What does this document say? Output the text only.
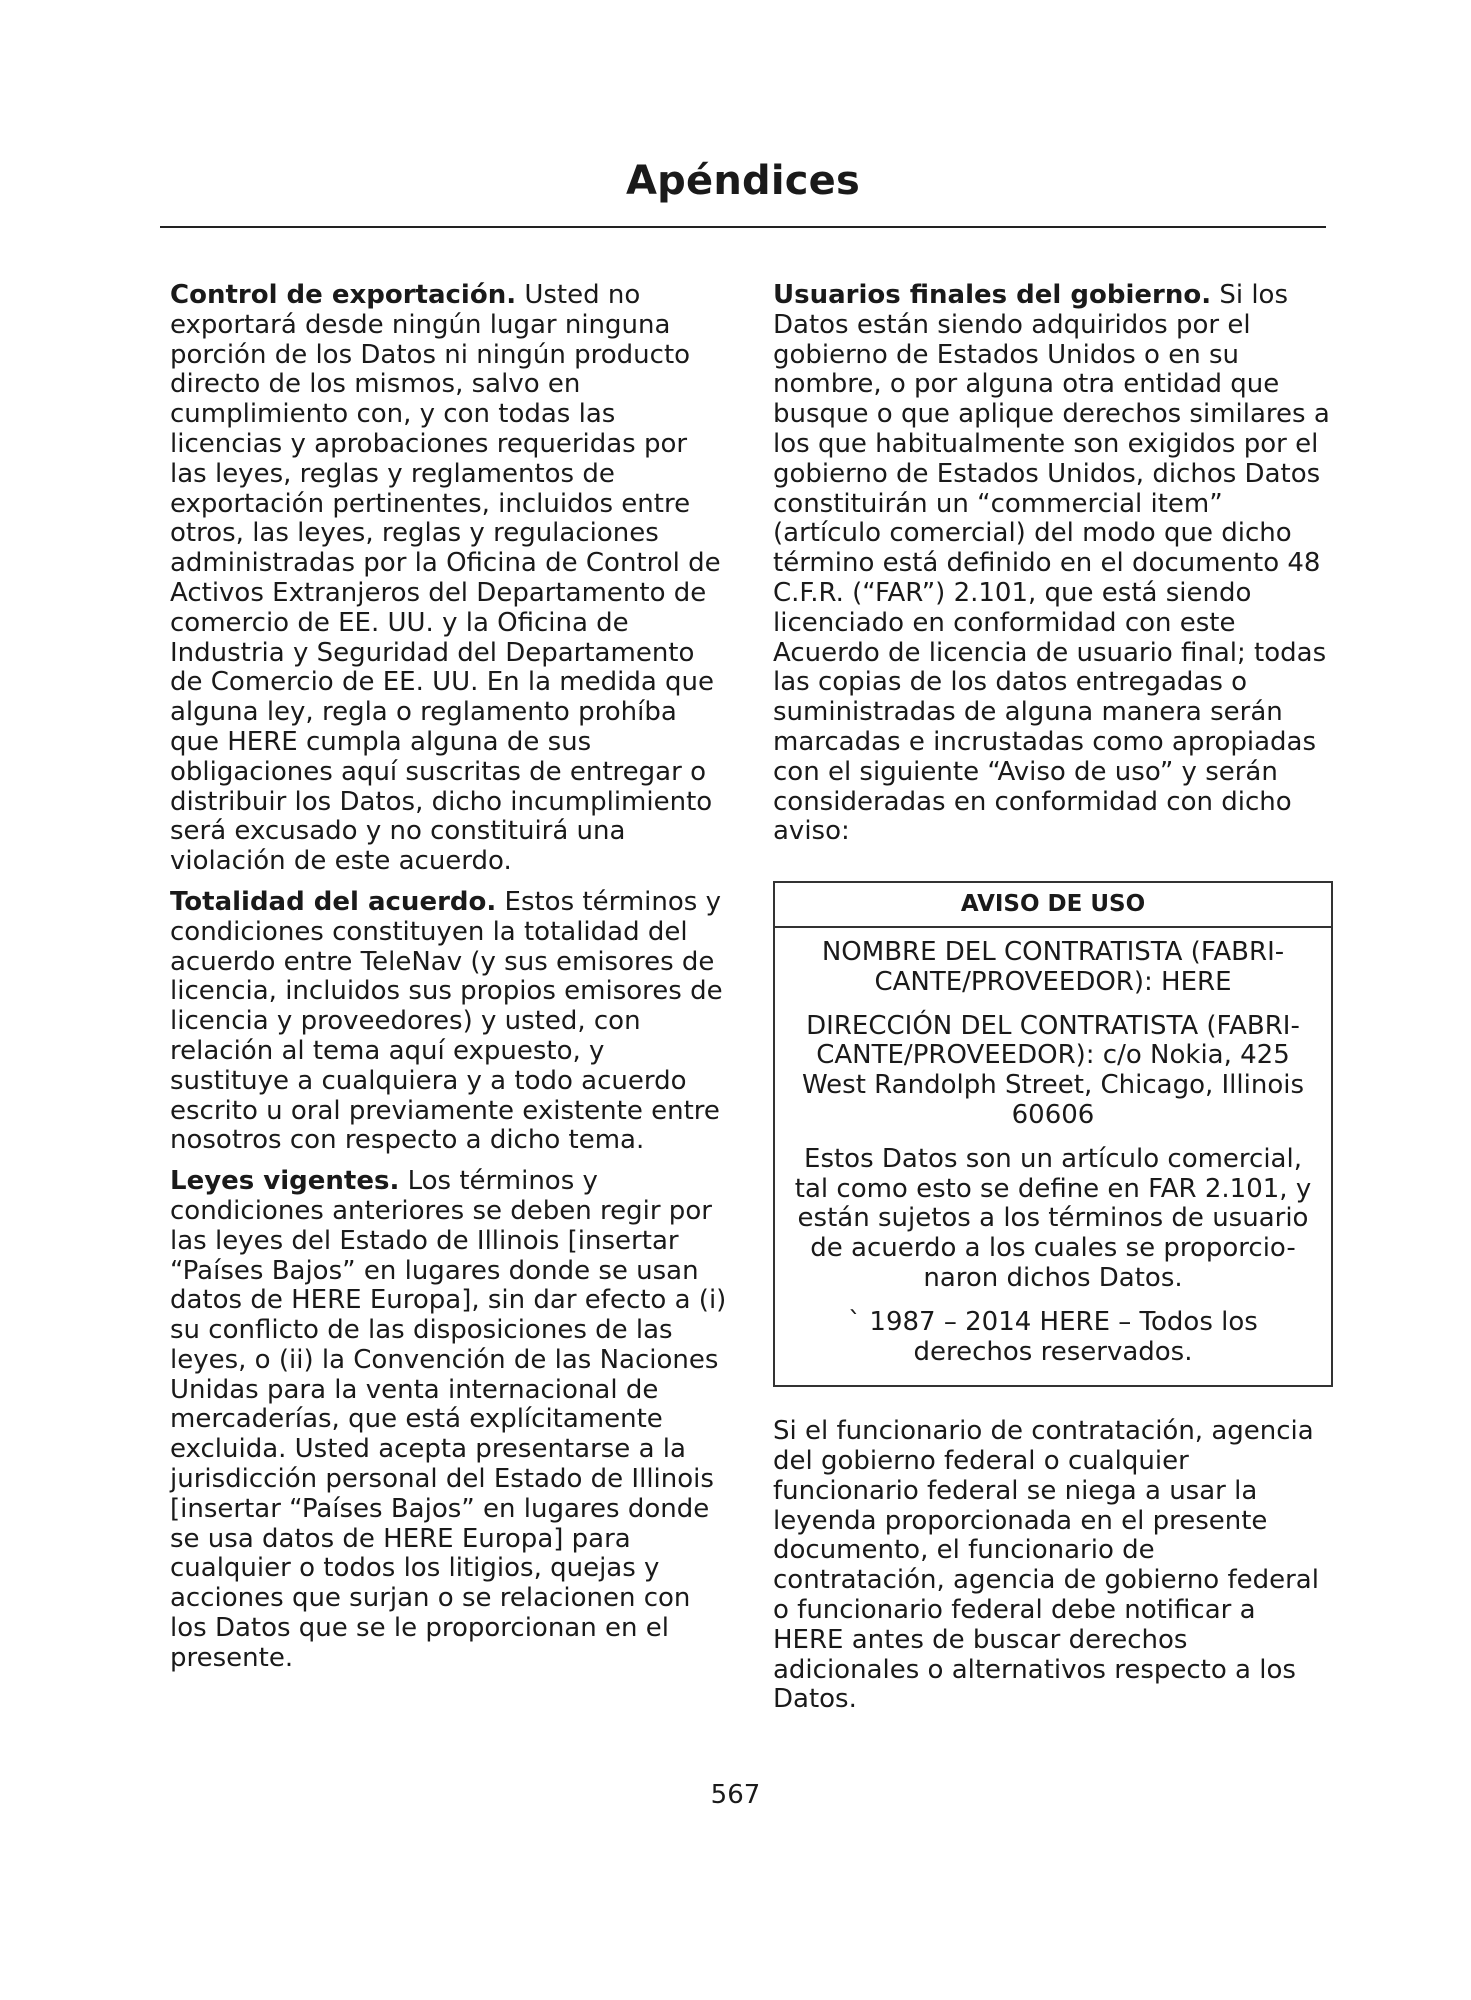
Apéndices

Control de exportación. Usted no exportará desde ningún lugar ninguna porción de los Datos ni ningún producto directo de los mismos, salvo en cumplimiento con, y con todas las licencias y aprobaciones requeridas por las leyes, reglas y reglamentos de exportación pertinentes, incluidos entre otros, las leyes, reglas y regulaciones administradas por la Oficina de Control de Activos Extranjeros del Departamento de comercio de EE. UU. y la Oficina de Industria y Seguridad del Departamento de Comercio de EE. UU. En la medida que alguna ley, regla o reglamento prohíba que HERE cumpla alguna de sus obligaciones aquí suscritas de entregar o distribuir los Datos, dicho incumplimiento será excusado y no constituirá una violación de este acuerdo.

Totalidad del acuerdo. Estos términos y condiciones constituyen la totalidad del acuerdo entre TeleNav (y sus emisores de licencia, incluidos sus propios emisores de licencia y proveedores) y usted, con relación al tema aquí expuesto, y sustituye a cualquiera y a todo acuerdo escrito u oral previamente existente entre nosotros con respecto a dicho tema.

Leyes vigentes. Los términos y condiciones anteriores se deben regir por las leyes del Estado de Illinois [insertar “Países Bajos” en lugares donde se usan datos de HERE Europa], sin dar efecto a (i) su conflicto de las disposiciones de las leyes, o (ii) la Convención de las Naciones Unidas para la venta internacional de mercaderías, que está explícitamente excluida. Usted acepta presentarse a la jurisdicción personal del Estado de Illinois [insertar “Países Bajos” en lugares donde se usa datos de HERE Europa] para cualquier o todos los litigios, quejas y acciones que surjan o se relacionen con los Datos que se le proporcionan en el presente.

Usuarios finales del gobierno. Si los Datos están siendo adquiridos por el gobierno de Estados Unidos o en su nombre, o por alguna otra entidad que busque o que aplique derechos similares a los que habitualmente son exigidos por el gobierno de Estados Unidos, dichos Datos constituirán un “commercial item” (artículo comercial) del modo que dicho término está definido en el documento 48 C.F.R. (“FAR”) 2.101, que está siendo licenciado en conformidad con este Acuerdo de licencia de usuario final; todas las copias de los datos entregadas o suministradas de alguna manera serán marcadas e incrustadas como apropiadas con el siguiente “Aviso de uso” y serán consideradas en conformidad con dicho aviso:

AVISO DE USO

NOMBRE DEL CONTRATISTA (FABRI-CANTE/PROVEEDOR): HERE

DIRECCIÓN DEL CONTRATISTA (FABRI-CANTE/PROVEEDOR): c/o Nokia, 425 West Randolph Street, Chicago, Illinois 60606

Estos Datos son un artículo comercial, tal como esto se define en FAR 2.101, y están sujetos a los términos de usuario de acuerdo a los cuales se proporcio-naron dichos Datos.

` 1987 – 2014 HERE – Todos los derechos reservados.

Si el funcionario de contratación, agencia del gobierno federal o cualquier funcionario federal se niega a usar la leyenda proporcionada en el presente documento, el funcionario de contratación, agencia de gobierno federal o funcionario federal debe notificar a HERE antes de buscar derechos adicionales o alternativos respecto a los Datos.

567
